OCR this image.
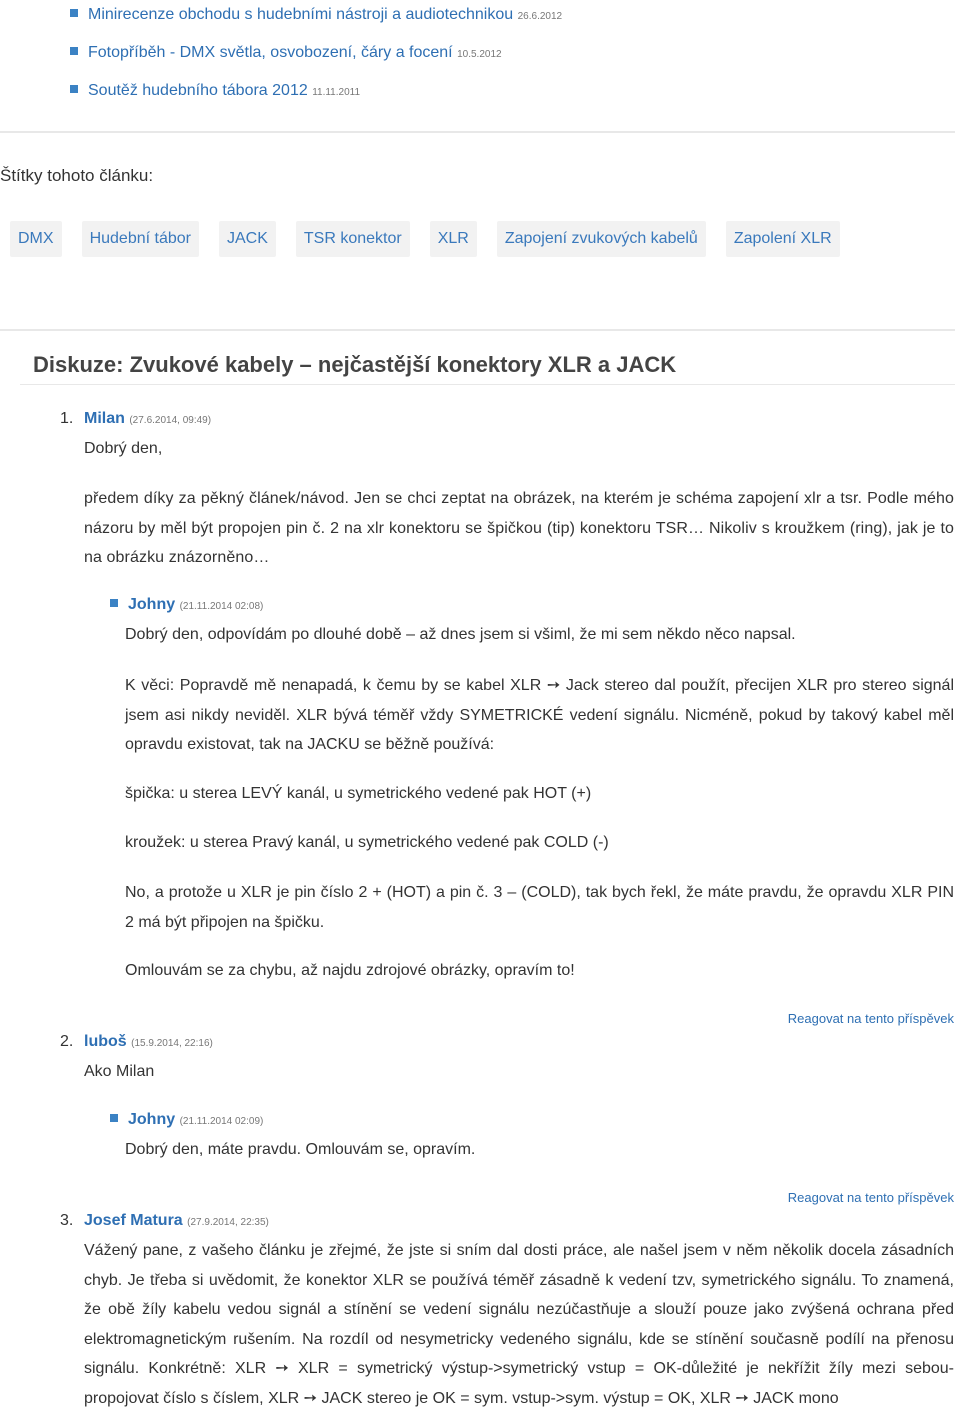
Minirecenze obchodu s hudebními nástroji a audiotechnikou 26.6.2012
Fotopříběh - DMX světla, osvobození, čáry a focení 10.5.2012
Soutěž hudebního tábora 2012 11.11.2011
Štítky tohoto článku:
DMX	Hudební tábor	JACK	TSR konektor	XLR	Zapojení zvukových kabelů	Zapolení XLR
Diskuze: Zvukové kabely – nejčastější konektory XLR a JACK
1. Milan (27.6.2014, 09:49)
Dobrý den,
předem díky za pěkný článek/návod. Jen se chci zeptat na obrázek, na kterém je schéma zapojení xlr a tsr. Podle mého názoru by měl být propojen pin č. 2 na xlr konektoru se špičkou (tip) konektoru TSR… Nikoliv s kroužkem (ring), jak je to na obrázku znázorněno…
Johny (21.11.2014 02:08)
Dobrý den, odpovídám po dlouhé době – až dnes jsem si všiml, že mi sem někdo něco napsal.
K věci: Popravdě mě nenapadá, k čemu by se kabel XLR ➙ Jack stereo dal použít, přecijen XLR pro stereo signál jsem asi nikdy neviděl. XLR bývá téměř vždy SYMETRICKÉ vedení signálu. Nicméně, pokud by takový kabel měl opravdu existovat, tak na JACKU se běžně používá:
špička: u sterea LEVÝ kanál, u symetrického vedené pak HOT (+)
kroužek: u sterea Pravý kanál, u symetrického vedené pak COLD (-)
No, a protože u XLR je pin číslo 2 + (HOT) a pin č. 3 – (COLD), tak bych řekl, že máte pravdu, že opravdu XLR PIN 2 má být připojen na špičku.
Omlouvám se za chybu, až najdu zdrojové obrázky, opravím to!
Reagovat na tento příspěvek
2. luboš (15.9.2014, 22:16)
Ako Milan
Johny (21.11.2014 02:09)
Dobrý den, máte pravdu. Omlouvám se, opravím.
Reagovat na tento příspěvek
3. Josef Matura (27.9.2014, 22:35)
Vážený pane, z vašeho článku je zřejmé, že jste si sním dal dosti práce, ale našel jsem v něm několik docela zásadních chyb. Je třeba si uvědomit, že konektor XLR se používá téměř zásadně k vedení tzv, symetrického signálu. To znamená, že obě žíly kabelu vedou signál a stínění se vedení signálu nezúčastňuje a slouží pouze jako zvýšená ochrana před elektromagnetickým rušením. Na rozdíl od nesymetricky vedeného signálu, kde se stínění současně podílí na přenosu signálu. Konkrétně: XLR ➙ XLR = symetrický výstup->symetrický vstup = OK-důležité je nekřížit žíly mezi sebou-propojovat číslo s číslem, XLR ➙ JACK stereo je OK = sym. vstup->sym. výstup = OK, XLR ➙ JACK mono
